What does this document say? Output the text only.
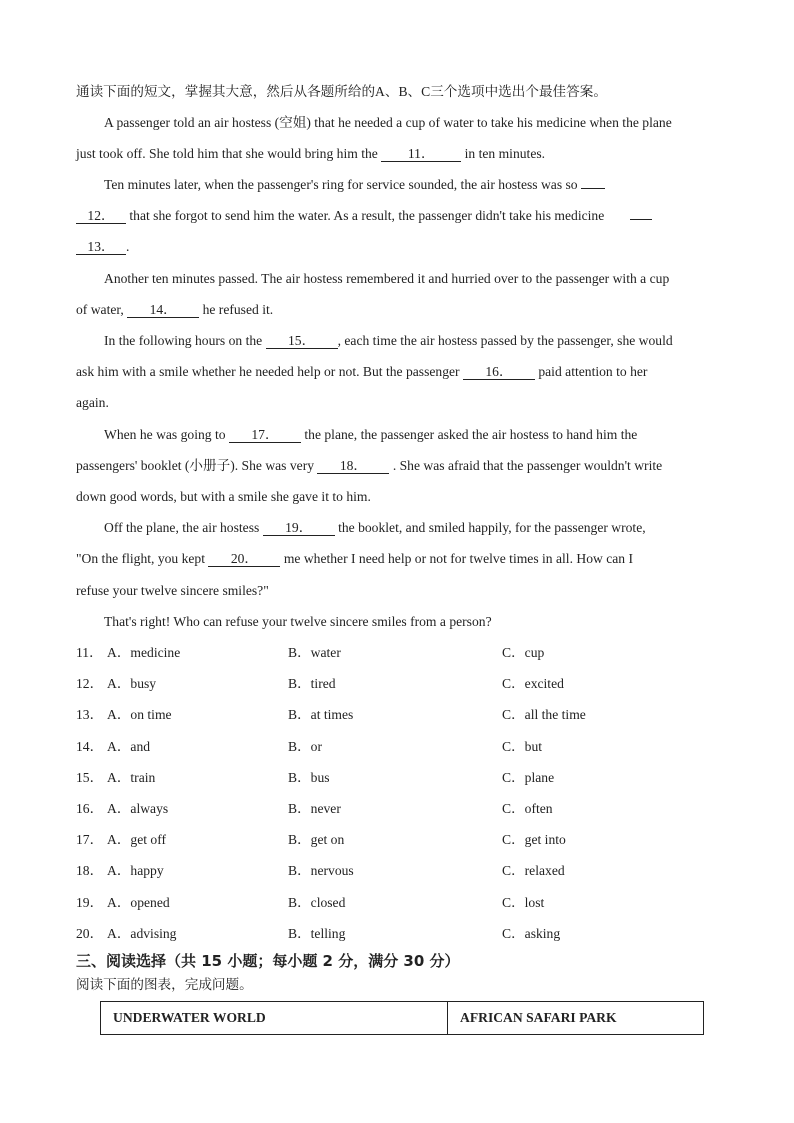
通读下面的短文，掌握其大意，然后从各题所给的A、B、C三个选项中选出个最佳答案。
A passenger told an air hostess (空姐) that he needed a cup of water to take his medicine when the plane
just took off. She told him that she would bring him the 11． in ten minutes.
Ten minutes later, when the passenger's ring for service sounded, the air hostess was so
12． that she forgot to send him the water. As a result, the passenger didn't take his medicine
13． .
Another ten minutes passed. The air hostess remembered it and hurried over to the passenger with a cup
of water, 14． he refused it.
In the following hours on the 15． , each time the air hostess passed by the passenger, she would
ask him with a smile whether he needed help or not. But the passenger 16． paid attention to her
again.
When he was going to 17． the plane, the passenger asked the air hostess to hand him the
passengers' booklet (小册子). She was very 18． . She was afraid that the passenger wouldn't write
down good words, but with a smile she gave it to him.
Off the plane, the air hostess 19． the booklet, and smiled happily, for the passenger wrote,
"On the flight, you kept 20． me whether I need help or not for twelve times in all. How can I
refuse your twelve sincere smiles?"
That's right! Who can refuse your twelve sincere smiles from a person?
11． A．medicine	B．water	C．cup
12． A．busy	B．tired	C．excited
13． A．on time	B．at times	C．all the time
14． A．and	B．or	C．but
15． A．train	B．bus	C．plane
16． A．always	B．never	C．often
17． A．get off	B．get on	C．get into
18． A．happy	B．nervous	C．relaxed
19． A．opened	B．closed	C．lost
20． A．advising	B．telling	C．asking
三、阅读选择（共 15 小题；每小题 2 分，满分 30 分）
阅读下面的图表，完成问题。
UNDERWATER WORLD	AFRICAN SAFARI PARK
